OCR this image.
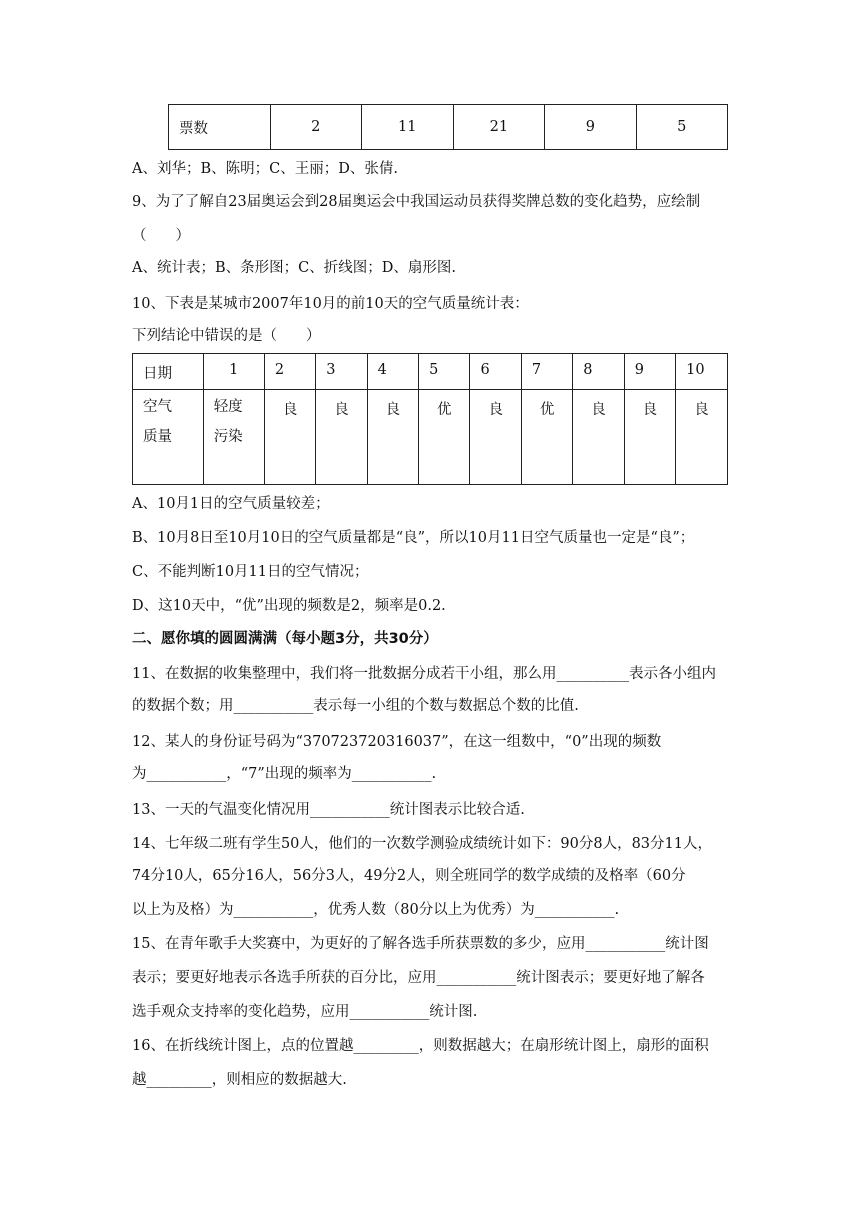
票数	2	11	21	9	5
A、刘华；B、陈明；C、王丽；D、张倩.
9、为了了解自23届奥运会到28届奥运会中我国运动员获得奖牌总数的变化趋势，应绘制
（　　）
A、统计表；B、条形图；C、折线图；D、扇形图.
10、下表是某城市2007年10月的前10天的空气质量统计表：
下列结论中错误的是（　　）
日期	1	2	3	4	5	6	7	8	9	10

空气
质量	轻度
污染	良	良	良	优	良	优	良	良	良
A、10月1日的空气质量较差；
B、10月8日至10月10日的空气质量都是“良”，所以10月11日空气质量也一定是“良”；
C、不能判断10月11日的空气情况；
D、这10天中，“优”出现的频数是2，频率是0.2.
二、愿你填的圆圆满满（每小题3分，共30分）
11、在数据的收集整理中，我们将一批数据分成若干小组，那么用__________表示各小组内
的数据个数；用___________表示每一小组的个数与数据总个数的比值.
12、某人的身份证号码为“370723720316037”，在这一组数中，“0”出现的频数
为___________，“7”出现的频率为___________.
13、一天的气温变化情况用___________统计图表示比较合适.
14、七年级二班有学生50人，他们的一次数学测验成绩统计如下：90分8人，83分11人，
74分10人，65分16人，56分3人，49分2人，则全班同学的数学成绩的及格率（60分
以上为及格）为___________，优秀人数（80分以上为优秀）为___________.
15、在青年歌手大奖赛中，为更好的了解各选手所获票数的多少，应用___________统计图
表示；要更好地表示各选手所获的百分比，应用___________统计图表示；要更好地了解各
选手观众支持率的变化趋势，应用___________统计图.
16、在折线统计图上，点的位置越_________，则数据越大；在扇形统计图上，扇形的面积
越_________，则相应的数据越大.
